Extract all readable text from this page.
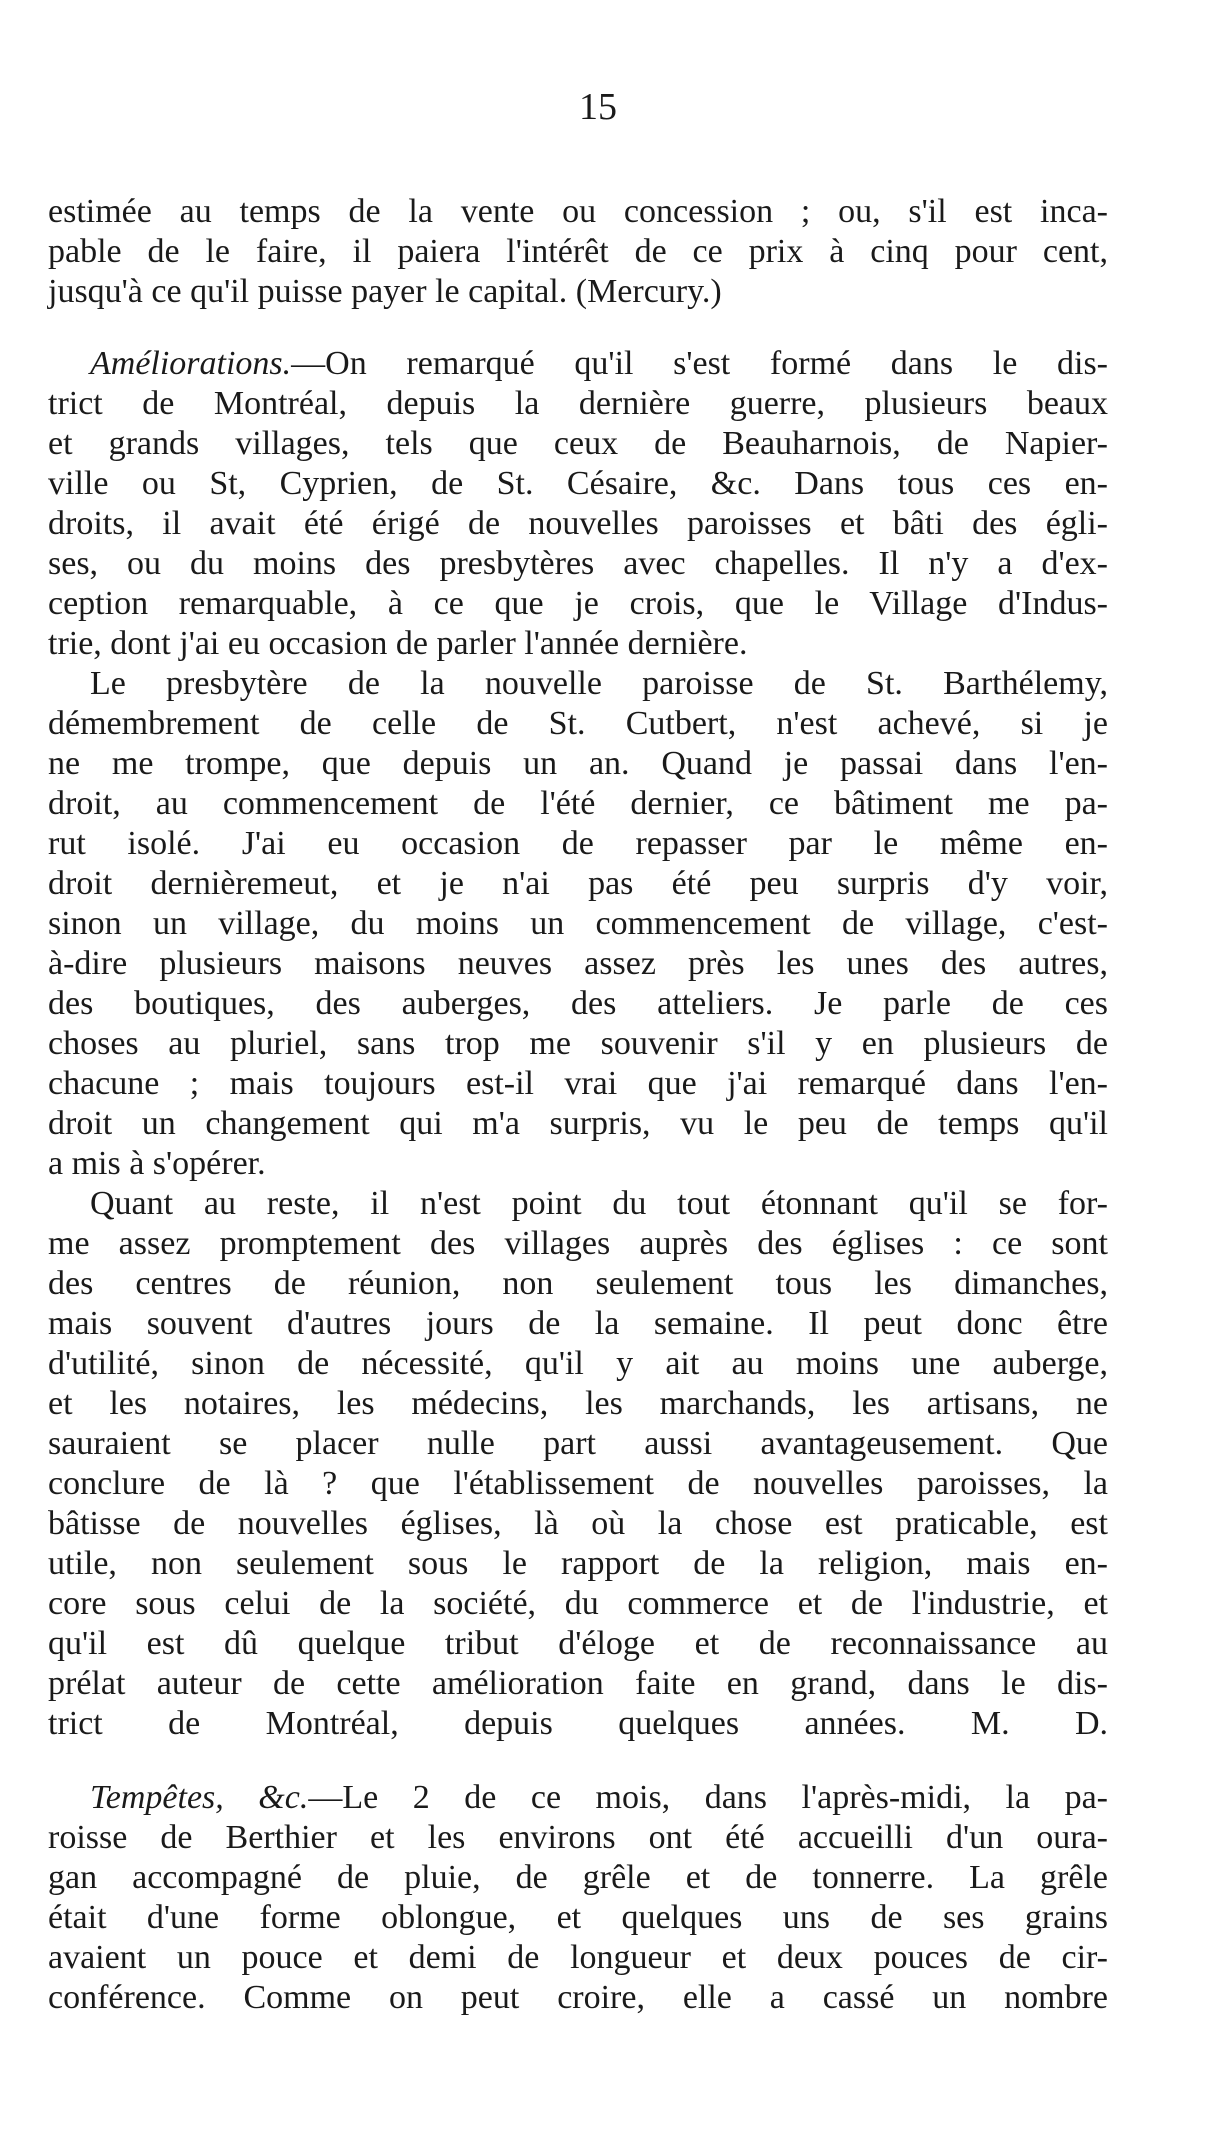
15
estimée au temps de la vente ou concession ; ou, s'il est inca-
pable de le faire, il paiera l'intérêt de ce prix à cinq pour cent,
jusqu'à ce qu'il puisse payer le capital. (Mercury.)
Améliorations.—On remarqué qu'il s'est formé dans le dis-
trict de Montréal, depuis la dernière guerre, plusieurs beaux
et grands villages, tels que ceux de Beauharnois, de Napier-
ville ou St, Cyprien, de St. Césaire, &c. Dans tous ces en-
droits, il avait été érigé de nouvelles paroisses et bâti des égli-
ses, ou du moins des presbytères avec chapelles. Il n'y a d'ex-
ception remarquable, à ce que je crois, que le Village d'Indus-
trie, dont j'ai eu occasion de parler l'année dernière.
Le presbytère de la nouvelle paroisse de St. Barthélemy,
démembrement de celle de St. Cutbert, n'est achevé, si je
ne me trompe, que depuis un an. Quand je passai dans l'en-
droit, au commencement de l'été dernier, ce bâtiment me pa-
rut isolé. J'ai eu occasion de repasser par le même en-
droit dernièremeut, et je n'ai pas été peu surpris d'y voir,
sinon un village, du moins un commencement de village, c'est-
à-dire plusieurs maisons neuves assez près les unes des autres,
des boutiques, des auberges, des atteliers. Je parle de ces
choses au pluriel, sans trop me souvenir s'il y en plusieurs de
chacune ; mais toujours est-il vrai que j'ai remarqué dans l'en-
droit un changement qui m'a surpris, vu le peu de temps qu'il
a mis à s'opérer.
Quant au reste, il n'est point du tout étonnant qu'il se for-
me assez promptement des villages auprès des églises : ce sont
des centres de réunion, non seulement tous les dimanches,
mais souvent d'autres jours de la semaine. Il peut donc être
d'utilité, sinon de nécessité, qu'il y ait au moins une auberge,
et les notaires, les médecins, les marchands, les artisans, ne
sauraient se placer nulle part aussi avantageusement. Que
conclure de là ? que l'établissement de nouvelles paroisses, la
bâtisse de nouvelles églises, là où la chose est praticable, est
utile, non seulement sous le rapport de la religion, mais en-
core sous celui de la société, du commerce et de l'industrie, et
qu'il est dû quelque tribut d'éloge et de reconnaissance au
prélat auteur de cette amélioration faite en grand, dans le dis-
trict de Montréal, depuis quelques années. M. D.
Tempêtes, &c.—Le 2 de ce mois, dans l'après-midi, la pa-
roisse de Berthier et les environs ont été accueilli d'un oura-
gan accompagné de pluie, de grêle et de tonnerre. La grêle
était d'une forme oblongue, et quelques uns de ses grains
avaient un pouce et demi de longueur et deux pouces de cir-
conférence. Comme on peut croire, elle a cassé un nombre
